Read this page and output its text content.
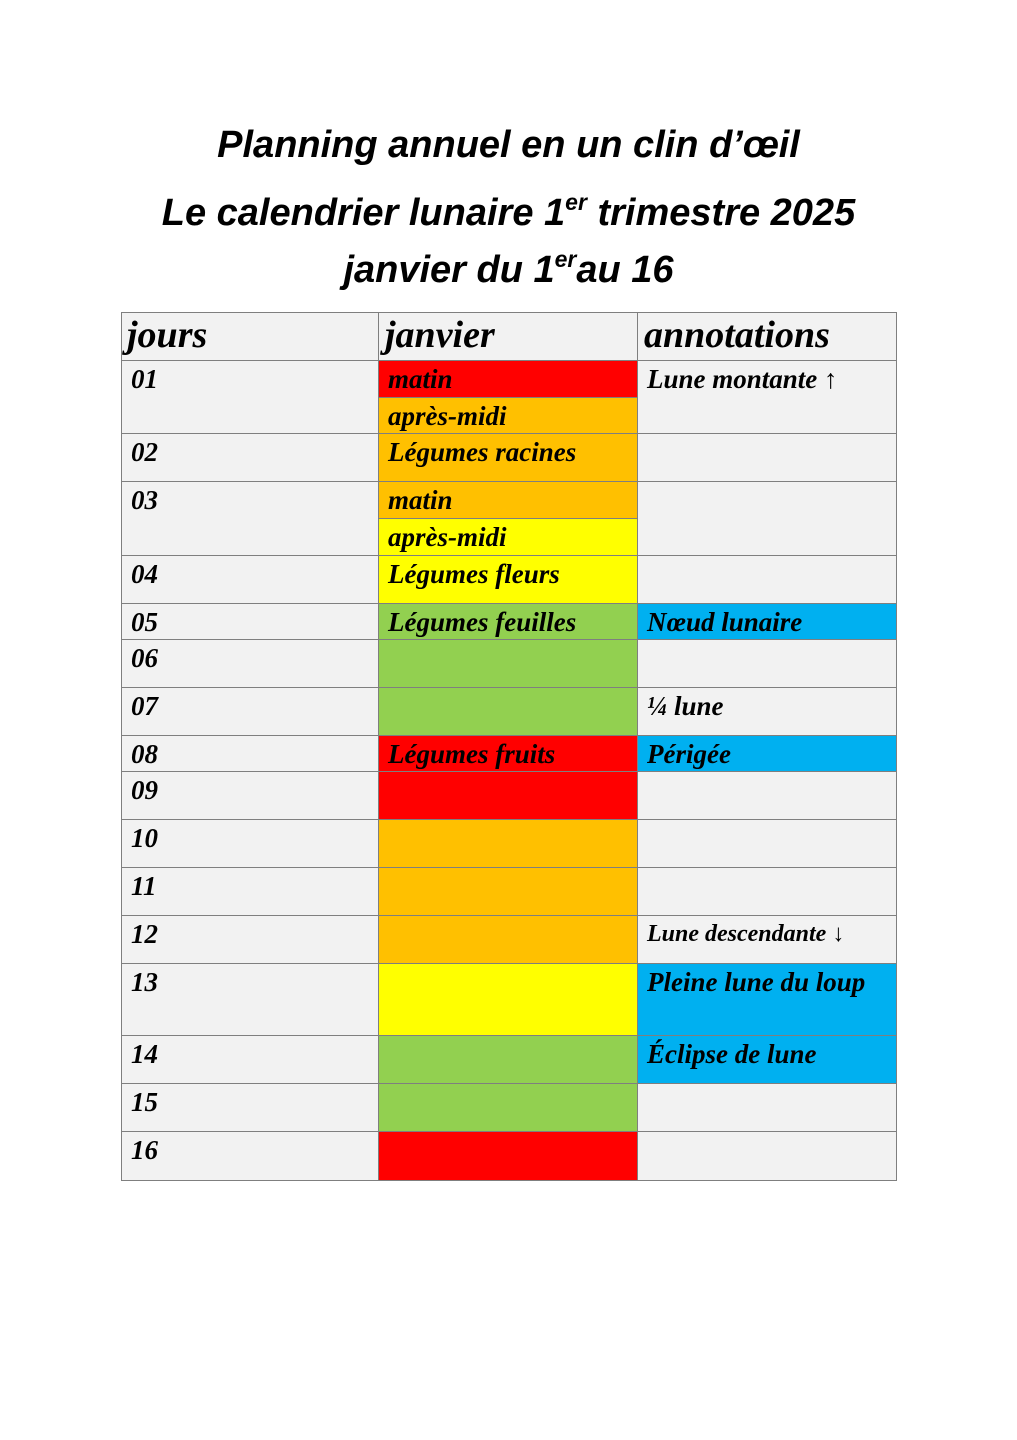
Planning annuel en un clin d’œil
Le calendrier lunaire 1er trimestre 2025
janvier du 1erau 16
jours	janvier	annotations
01
02
03
04
05
06
07
08
09
10
11
12
13
14
15
16
matin
après-midi
Légumes racines
matin
après-midi
Légumes fleurs
Légumes feuilles
Légumes fruits
Lune montante ↑
Nœud lunaire
¼ lune
Périgée
Lune descendante ↓
Pleine lune du loup
Éclipse de lune
